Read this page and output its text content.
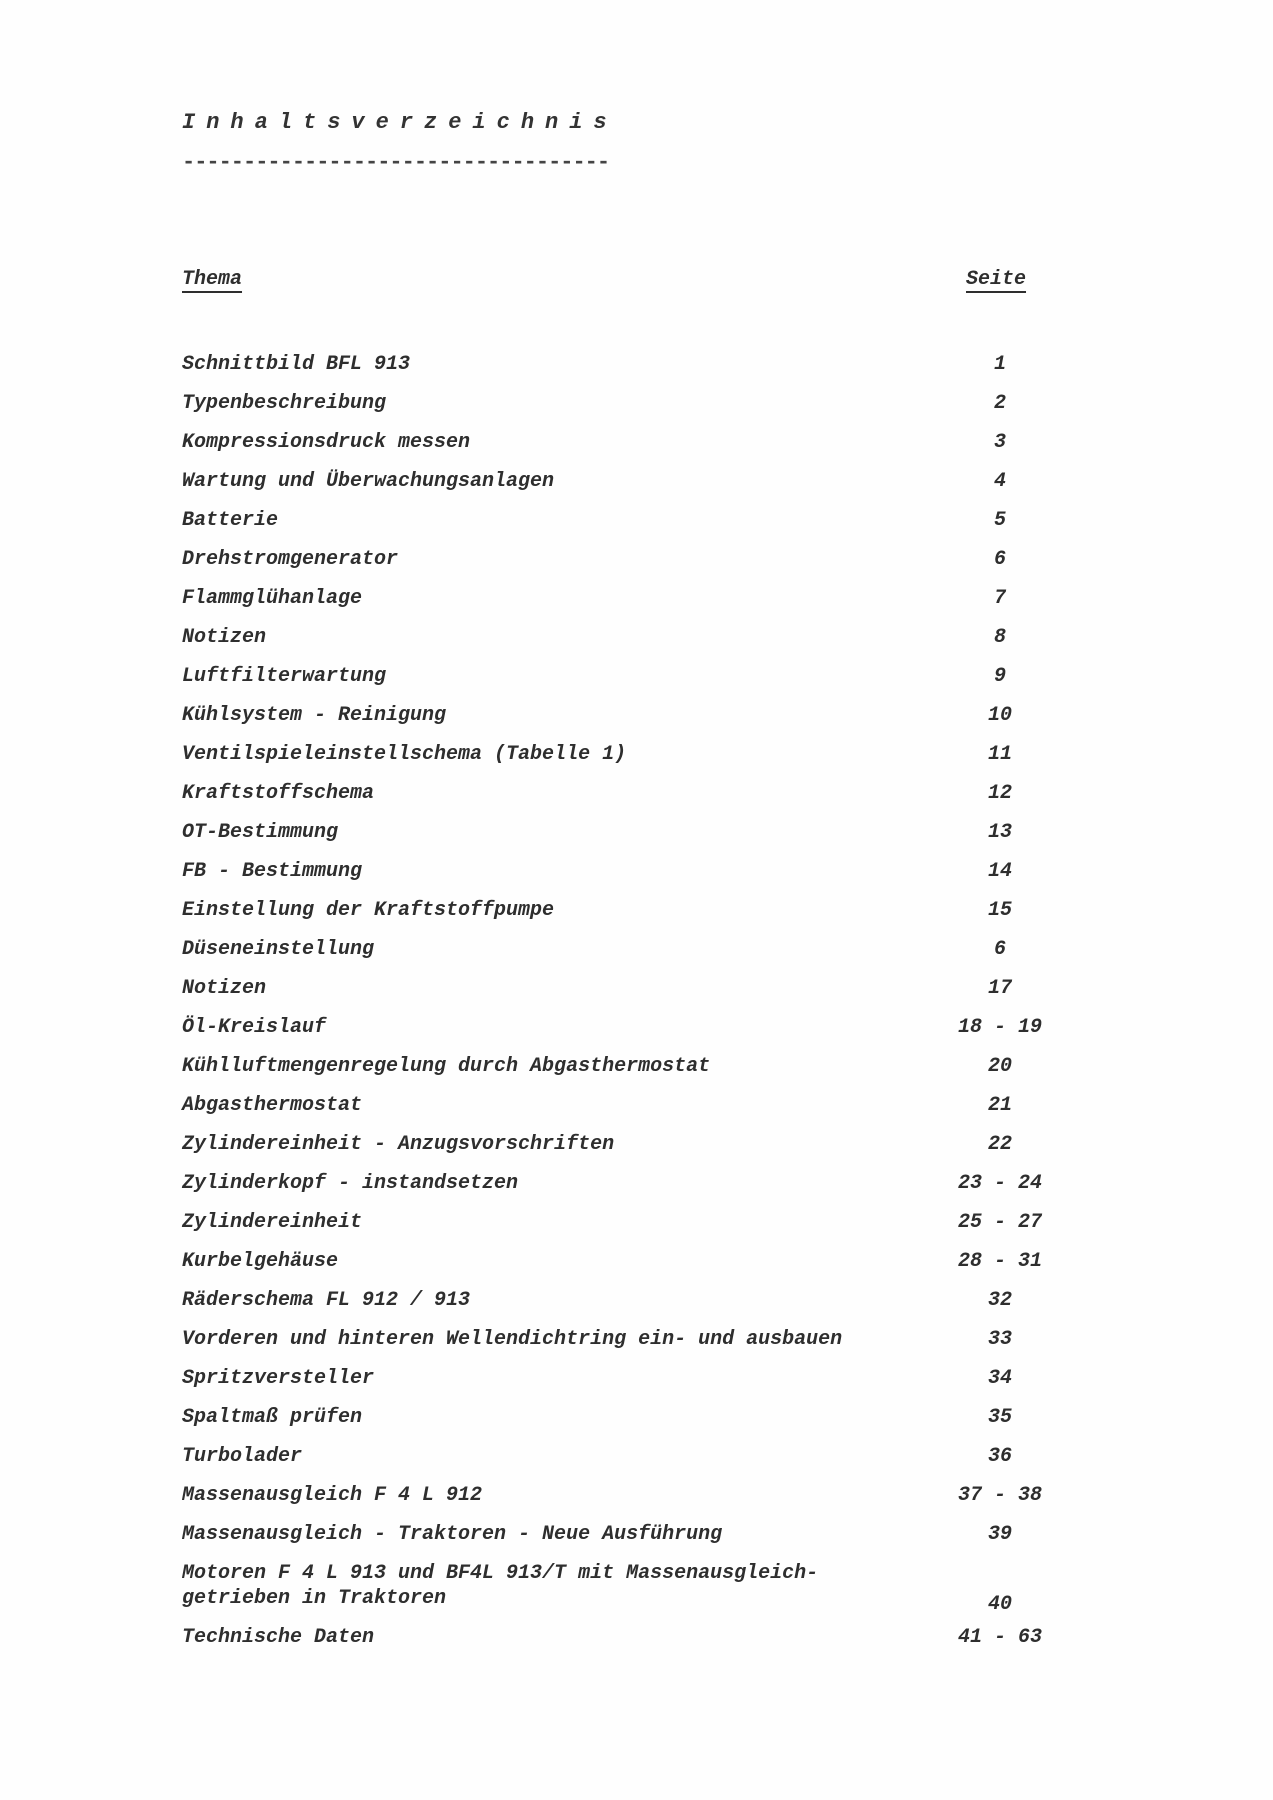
Inhaltsverzeichnis
-----------------------------------
Thema	Seite
Schnittbild BFL 913	1
Typenbeschreibung	2
Kompressionsdruck messen	3
Wartung und Überwachungsanlagen	4
Batterie	5
Drehstromgenerator	6
Flammglühanlage	7
Notizen	8
Luftfilterwartung	9
Kühlsystem - Reinigung	10
Ventilspieleinstellschema (Tabelle 1)	11
Kraftstoffschema	12
OT-Bestimmung	13
FB - Bestimmung	14
Einstellung der Kraftstoffpumpe	15
Düseneinstellung	6
Notizen	17
Öl-Kreislauf	18 - 19
Kühlluftmengenregelung durch Abgasthermostat	20
Abgasthermostat	21
Zylindereinheit - Anzugsvorschriften	22
Zylinderkopf - instandsetzen	23 - 24
Zylindereinheit	25 - 27
Kurbelgehäuse	28 - 31
Räderschema FL 912 / 913	32
Vorderen und hinteren Wellendichtring ein- und ausbauen	33
Spritzversteller	34
Spaltmaß prüfen	35
Turbolader	36
Massenausgleich F 4 L 912	37 - 38
Massenausgleich - Traktoren - Neue Ausführung	39
Motoren F 4 L 913 und BF4L 913/T mit Massenausgleich-
getrieben in Traktoren	40
Technische Daten	41 - 63
